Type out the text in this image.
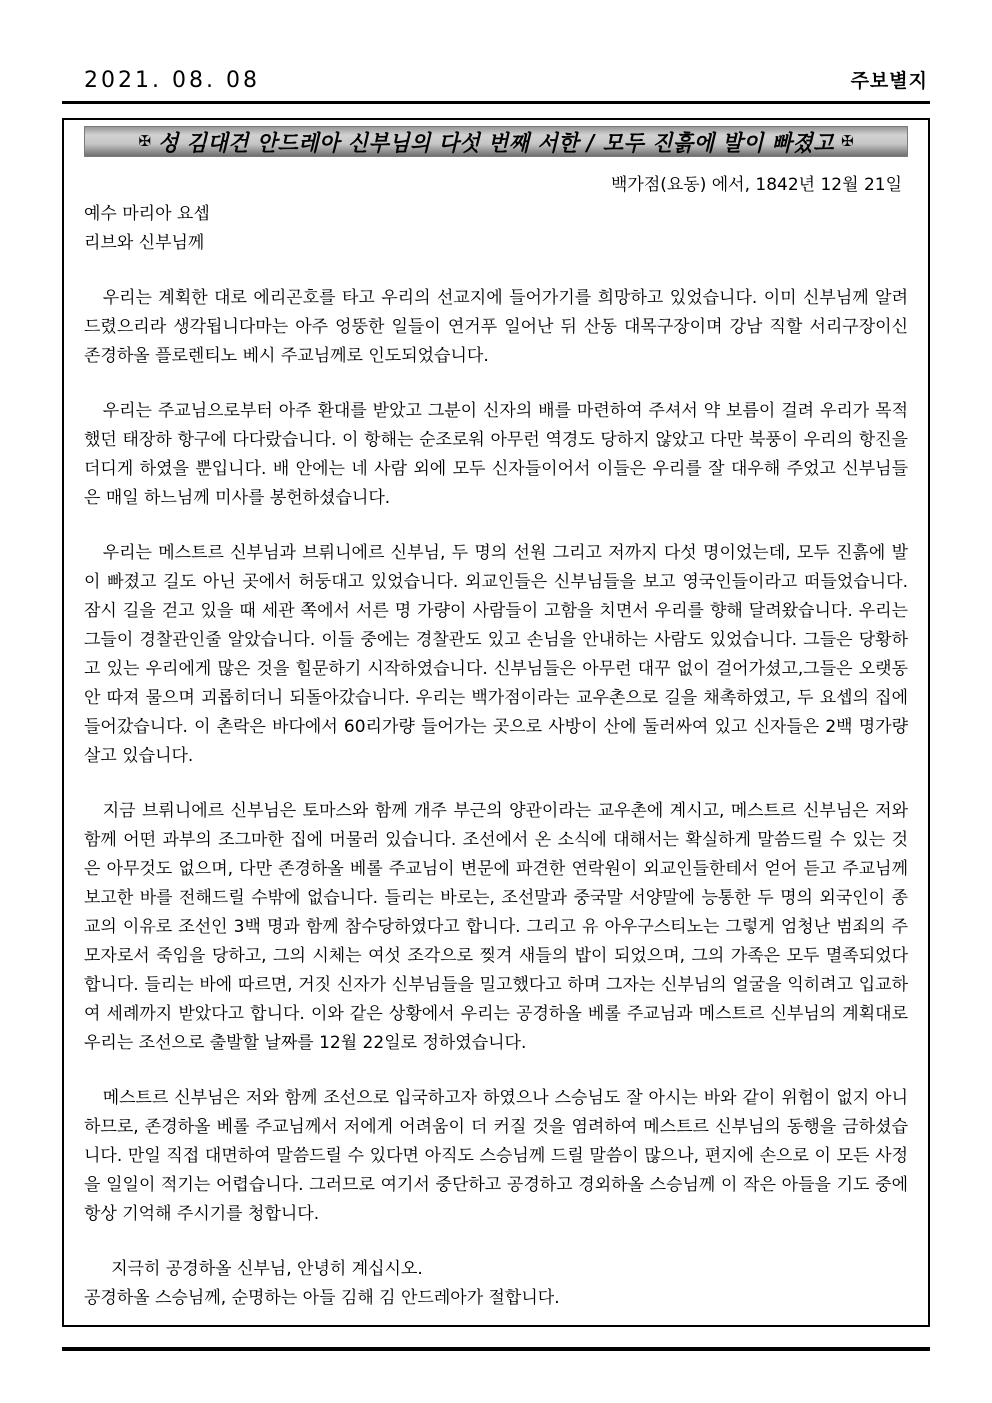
2021. 08. 08	주보별지
✠ 성 김대건 안드레아 신부님의 다섯 번째 서한 / 모두 진흙에 발이 빠졌고 ✠
백가점(요동) 에서, 1842년 12월 21일
예수 마리아 요셉
리브와 신부님께

우리는 계획한 대로 에리곤호를 타고 우리의 선교지에 들어가기를 희망하고 있었습니다. 이미 신부님께 알려드렸으리라 생각됩니다마는 아주 엉뚱한 일들이 연거푸 일어난 뒤 산동 대목구장이며 강남 직할 서리구장이신 존경하올 플로렌티노 베시 주교님께로 인도되었습니다.

우리는 주교님으로부터 아주 환대를 받았고 그분이 신자의 배를 마련하여 주셔서 약 보름이 걸려 우리가 목적했던 태장하 항구에 다다랐습니다. 이 항해는 순조로워 아무런 역경도 당하지 않았고 다만 북풍이 우리의 항진을 더디게 하였을 뿐입니다. 배 안에는 네 사람 외에 모두 신자들이어서 이들은 우리를 잘 대우해 주었고 신부님들은 매일 하느님께 미사를 봉헌하셨습니다.

우리는 메스트르 신부님과 브뤼니에르 신부님, 두 명의 선원 그리고 저까지 다섯 명이었는데, 모두 진흙에 발이 빠졌고 길도 아닌 곳에서 허둥대고 있었습니다. 외교인들은 신부님들을 보고 영국인들이라고 떠들었습니다. 잠시 길을 걷고 있을 때 세관 쪽에서 서른 명 가량이 사람들이 고함을 치면서 우리를 향해 달려왔습니다. 우리는 그들이 경찰관인줄 알았습니다. 이들 중에는 경찰관도 있고 손님을 안내하는 사람도 있었습니다. 그들은 당황하고 있는 우리에게 많은 것을 힐문하기 시작하였습니다. 신부님들은 아무런 대꾸 없이 걸어가셨고,그들은 오랫동안 따져 물으며 괴롭히더니 되돌아갔습니다. 우리는 백가점이라는 교우촌으로 길을 채촉하였고, 두 요셉의 집에 들어갔습니다. 이 촌락은 바다에서 60리가량 들어가는 곳으로 사방이 산에 둘러싸여 있고 신자들은 2백 명가량 살고 있습니다.

지금 브뤼니에르 신부님은 토마스와 함께 개주 부근의 양관이라는 교우촌에 계시고, 메스트르 신부님은 저와 함께 어떤 과부의 조그마한 집에 머물러 있습니다. 조선에서 온 소식에 대해서는 확실하게 말씀드릴 수 있는 것은 아무것도 없으며, 다만 존경하올 베롤 주교님이 변문에 파견한 연락원이 외교인들한테서 얻어 듣고 주교님께 보고한 바를 전해드릴 수밖에 없습니다. 들리는 바로는, 조선말과 중국말 서양말에 능통한 두 명의 외국인이 종교의 이유로 조선인 3백 명과 함께 참수당하였다고 합니다. 그리고 유 아우구스티노는 그렇게 엄청난 범죄의 주모자로서 죽임을 당하고, 그의 시체는 여섯 조각으로 찢겨 새들의 밥이 되었으며, 그의 가족은 모두 멸족되었다 합니다. 들리는 바에 따르면, 거짓 신자가 신부님들을 밀고했다고 하며 그자는 신부님의 얼굴을 익히려고 입교하여 세례까지 받았다고 합니다. 이와 같은 상황에서 우리는 공경하올 베롤 주교님과 메스트르 신부님의 계획대로 우리는 조선으로 출발할 날짜를 12월 22일로 정하였습니다.

메스트르 신부님은 저와 함께 조선으로 입국하고자 하였으나 스승님도 잘 아시는 바와 같이 위험이 없지 아니하므로, 존경하올 베롤 주교님께서 저에게 어려움이 더 커질 것을 염려하여 메스트르 신부님의 동행을 금하셨습니다. 만일 직접 대면하여 말씀드릴 수 있다면 아직도 스승님께 드릴 말씀이 많으나, 편지에 손으로 이 모든 사정을 일일이 적기는 어렵습니다. 그러므로 여기서 중단하고 공경하고 경외하올 스승님께 이 작은 아들을 기도 중에 항상 기억해 주시기를 청합니다.

지극히 공경하올 신부님, 안녕히 계십시오.

공경하올 스승님께, 순명하는 아들 김해 김 안드레아가 절합니다.
